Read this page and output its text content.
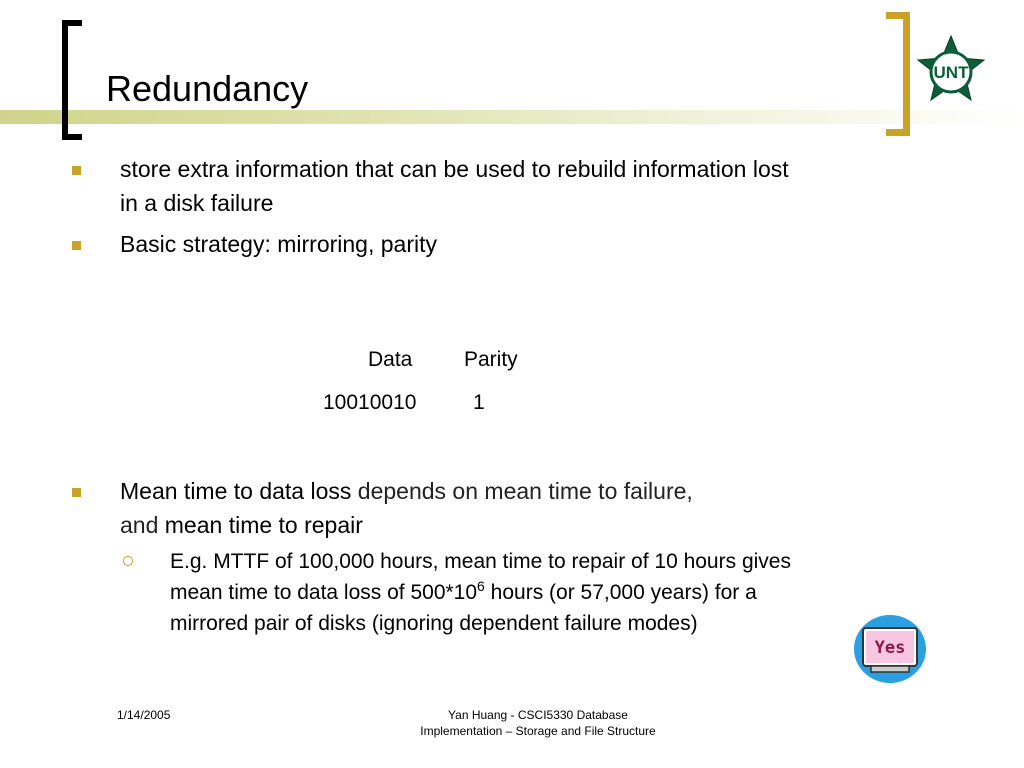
Redundancy	UNT
store extra information that can be used to rebuild information lost
in a disk failure
Basic strategy: mirroring, parity
Data Parity
10010010	1
Mean time to data loss depends on mean time to failure,
and mean time to repair
E.g. MTTF of 100,000 hours, mean time to repair of 10 hours gives
mean time to data loss of $500*10^6$ hours (or 57,000 years) for a
mirrored pair of disks (ignoring dependent failure modes)
Yes
1/14/2005	Yan Huang - CSCI5330 Database
Implementation – Storage and File Structure
